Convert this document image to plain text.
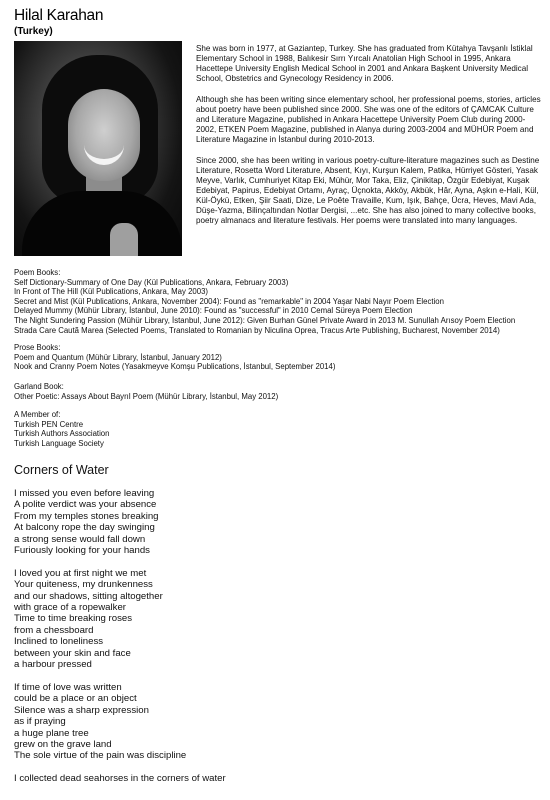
Hilal Karahan
(Turkey)

She was born in 1977, at Gaziantep, Turkey. She has graduated from Kütahya Tavşanlı İstiklal Elementary School in 1988, Balıkesir Sırrı Yırcalı Anatolian High School in 1995, Ankara Hacettepe University English Medical School in 2001 and Ankara Başkent University Medical School, Obstetrics and Gynecology Residency in 2006.

Although she has been writing since elementary school, her professional poems, stories, articles about poetry have been published since 2000. She was one of the editors of ÇAMCAK Culture and Literature Magazine, published in Ankara Hacettepe University Poem Club during 2000-2002, ETKEN Poem Magazine, published in Alanya during 2003-2004 and MÜHÜR Poem and Literature Magazine in İstanbul during 2010-2013.

Since 2000, she has been writing in various poetry-culture-literature magazines such as Destine Literature, Rosetta Word Literature, Absent, Kıyı, Kurşun Kalem, Patika, Hürriyet Gösteri, Yasak Meyve, Varlık, Cumhuriyet Kitap Eki, Mühür, Mor Taka, Eliz, Çinikitap, Özgür Edebiyat, Kuşak Edebiyat, Papirus, Edebiyat Ortamı, Ayraç, Üçnokta, Akköy, Akbük, Hâr, Ayna, Aşkın e-Hali, Kül, Kül-Öykü, Etken, Şiir Saati, Dize, Le Poête Travaille, Kum, Işık, Bahçe, Ücra, Heves, Mavi Ada, Düşe-Yazma, Bilinçaltından Notlar Dergisi, ...etc. She has also joined to many collective books, poetry almanacs and literature festivals. Her poems were translated into many languages.

Poem Books:
Self Dictionary-Summary of One Day (Kül Publications, Ankara, February 2003)
In Front of The Hill (Kül Publications, Ankara, May 2003)
Secret and Mist (Kül Publications, Ankara, November 2004): Found as "remarkable" in 2004 Yaşar Nabi Nayır Poem Election
Delayed Mummy (Mühür Library, İstanbul, June 2010): Found as "successful" in 2010 Cemal Süreya Poem Election
The Night Sundering Passion (Mühür Library, İstanbul, June 2012): Given Burhan Günel Private Award in 2013 M. Sunullah Arısoy Poem Election
Strada Care Cautã Marea (Selected Poems, Translated to Romanian by Niculina Oprea, Tracus Arte Publishing, Bucharest, November 2014)
Prose Books:
Poem and Quantum (Mühür Library, İstanbul, January 2012)
Nook and Cranny Poem Notes (Yasakmeyve Komşu Publications, İstanbul, September 2014)
Garland Book:
Other Poetic: Assays About Bayrıl Poem (Mühür Library, İstanbul, May 2012)
A Member of:
Turkish PEN Centre
Turkish Authors Association
Turkish Language Society
Corners of Water
I missed you even before leaving
A polite verdict was your absence
From my temples stones breaking
At balcony rope the day swinging
a strong sense would fall down
Furiously looking for your hands
I loved you at first night we met
Your quiteness, my drunkenness
and our shadows, sitting altogether
with grace of a ropewalker
Time to time breaking roses
from a chessboard
Inclined to loneliness
between your skin and face
a harbour pressed
If time of love was written
could be a place or an object
Silence was a sharp expression
as if praying
a huge plane tree
grew on the grave land
The sole virtue of the pain was discipline
I collected dead seahorses in the corners of water
